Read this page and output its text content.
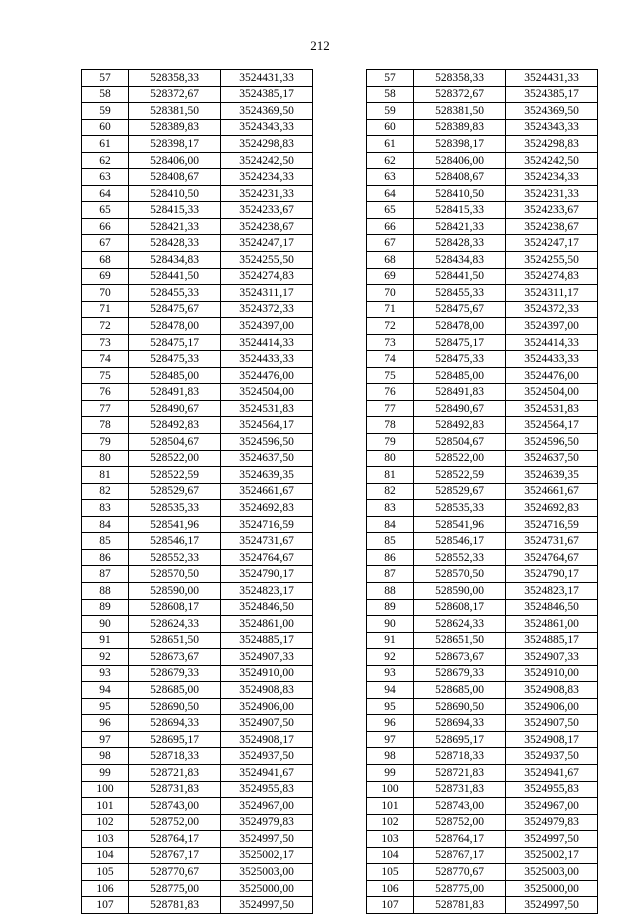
212
57	528358,33	3524431,33		57	528358,33	3524431,33
58	528372,67	3524385,17		58	528372,67	3524385,17
59	528381,50	3524369,50		59	528381,50	3524369,50
60	528389,83	3524343,33		60	528389,83	3524343,33
61	528398,17	3524298,83		61	528398,17	3524298,83
62	528406,00	3524242,50		62	528406,00	3524242,50
63	528408,67	3524234,33		63	528408,67	3524234,33
64	528410,50	3524231,33		64	528410,50	3524231,33
65	528415,33	3524233,67		65	528415,33	3524233,67
66	528421,33	3524238,67		66	528421,33	3524238,67
67	528428,33	3524247,17		67	528428,33	3524247,17
68	528434,83	3524255,50		68	528434,83	3524255,50
69	528441,50	3524274,83		69	528441,50	3524274,83
70	528455,33	3524311,17		70	528455,33	3524311,17
71	528475,67	3524372,33		71	528475,67	3524372,33
72	528478,00	3524397,00		72	528478,00	3524397,00
73	528475,17	3524414,33		73	528475,17	3524414,33
74	528475,33	3524433,33		74	528475,33	3524433,33
75	528485,00	3524476,00		75	528485,00	3524476,00
76	528491,83	3524504,00		76	528491,83	3524504,00
77	528490,67	3524531,83		77	528490,67	3524531,83
78	528492,83	3524564,17		78	528492,83	3524564,17
79	528504,67	3524596,50		79	528504,67	3524596,50
80	528522,00	3524637,50		80	528522,00	3524637,50
81	528522,59	3524639,35		81	528522,59	3524639,35
82	528529,67	3524661,67		82	528529,67	3524661,67
83	528535,33	3524692,83		83	528535,33	3524692,83
84	528541,96	3524716,59		84	528541,96	3524716,59
85	528546,17	3524731,67		85	528546,17	3524731,67
86	528552,33	3524764,67		86	528552,33	3524764,67
87	528570,50	3524790,17		87	528570,50	3524790,17
88	528590,00	3524823,17		88	528590,00	3524823,17
89	528608,17	3524846,50		89	528608,17	3524846,50
90	528624,33	3524861,00		90	528624,33	3524861,00
91	528651,50	3524885,17		91	528651,50	3524885,17
92	528673,67	3524907,33		92	528673,67	3524907,33
93	528679,33	3524910,00		93	528679,33	3524910,00
94	528685,00	3524908,83		94	528685,00	3524908,83
95	528690,50	3524906,00		95	528690,50	3524906,00
96	528694,33	3524907,50		96	528694,33	3524907,50
97	528695,17	3524908,17		97	528695,17	3524908,17
98	528718,33	3524937,50		98	528718,33	3524937,50
99	528721,83	3524941,67		99	528721,83	3524941,67
100	528731,83	3524955,83		100	528731,83	3524955,83
101	528743,00	3524967,00		101	528743,00	3524967,00
102	528752,00	3524979,83		102	528752,00	3524979,83
103	528764,17	3524997,50		103	528764,17	3524997,50
104	528767,17	3525002,17		104	528767,17	3525002,17
105	528770,67	3525003,00		105	528770,67	3525003,00
106	528775,00	3525000,00		106	528775,00	3525000,00
107	528781,83	3524997,50		107	528781,83	3524997,50
